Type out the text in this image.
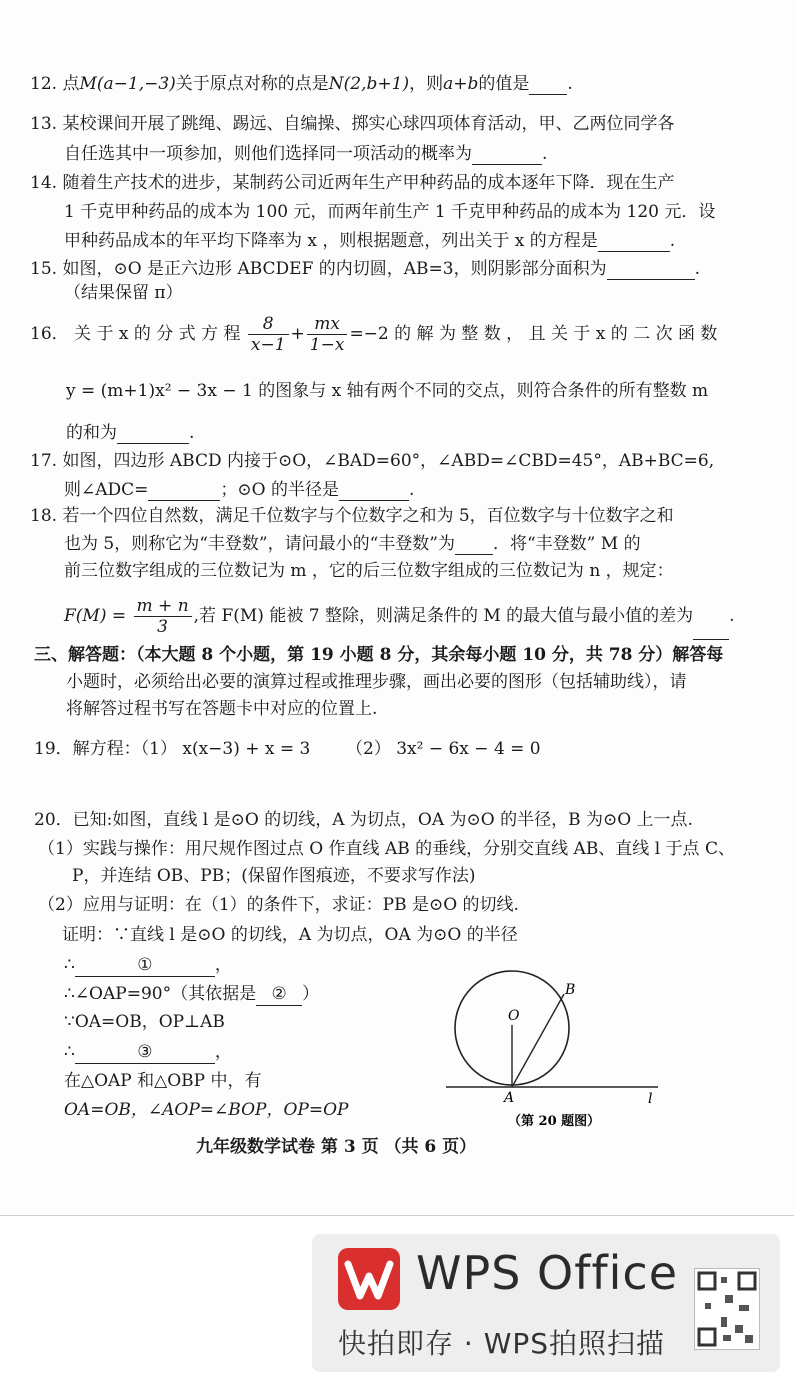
12. 点M(a−1,−3)关于原点对称的点是N(2,b+1)，则a+b的值是 .
13. 某校课间开展了跳绳、踢远、自编操、掷实心球四项体育活动，甲、乙两位同学各
自任选其中一项参加，则他们选择同一项活动的概率为	.
14. 随着生产技术的进步，某制药公司近两年生产甲种药品的成本逐年下降．现在生产
1 千克甲种药品的成本为 100 元，而两年前生产 1 千克甲种药品的成本为 120 元．设
甲种药品成本的年平均下降率为 x ，则根据题意，列出关于 x 的方程是	.
15. 如图，⊙O 是正六边形 ABCDEF 的内切圆，AB=3，则阴影部分面积为	.
（结果保留 π）
16． 关 于 x 的 分 式 方 程 $\frac{8}{x-1} + \frac{mx}{1-x} =-2$ 的 解 为 整 数 ， 且 关 于 x 的 二 次 函 数
y = (m+1)x² − 3x − 1 的图象与 x 轴有两个不同的交点，则符合条件的所有整数 m
的和为	.
17. 如图，四边形 ABCD 内接于⊙O，∠BAD=60°，∠ABD=∠CBD=45°，AB+BC=6,
则∠ADC=	；⊙O 的半径是	.
18. 若一个四位自然数，满足千位数字与个位数字之和为 5，百位数字与十位数字之和
也为 5，则称它为“丰登数”，请问最小的“丰登数”为 ．将“丰登数” M 的
前三位数字组成的三位数记为 m ，它的后三位数字组成的三位数记为 n ，规定：
$F(M) = \frac{m + n}{3}$ ,若 F(M) 能被 7 整除，则满足条件的 M 的最大值与最小值的差为 .
三、解答题：（本大题 8 个小题，第 19 小题 8 分，其余每小题 10 分，共 78 分）解答每
小题时，必须给出必要的演算过程或推理步骤，画出必要的图形（包括辅助线），请
将解答过程书写在答题卡中对应的位置上.
19．解方程：（1） x(x−3) + x = 3 （2） 3x² − 6x − 4 = 0
20．已知:如图，直线 l 是⊙O 的切线，A 为切点，OA 为⊙O 的半径，B 为⊙O 上一点.
（1）实践与操作：用尺规作图过点 O 作直线 AB 的垂线，分别交直线 AB、直线 l 于点 C、
P，并连结 OB、PB；(保留作图痕迹，不要求写作法)
（2）应用与证明：在（1）的条件下，求证：PB 是⊙O 的切线.
证明：∵直线 l 是⊙O 的切线，A 为切点，OA 为⊙O 的半径
∴	①	，
∴∠OAP=90°（其依据是 ② ）
∵OA=OB，OP⊥AB
∴	③	，
在△OAP 和△OBP 中，有
OA=OB，∠AOP=∠BOP，OP=OP
O
A
B
l
（第 20 题图）
九年级数学试卷 第 3 页 （共 6 页）
WPS Office
快拍即存 · WPS拍照扫描
